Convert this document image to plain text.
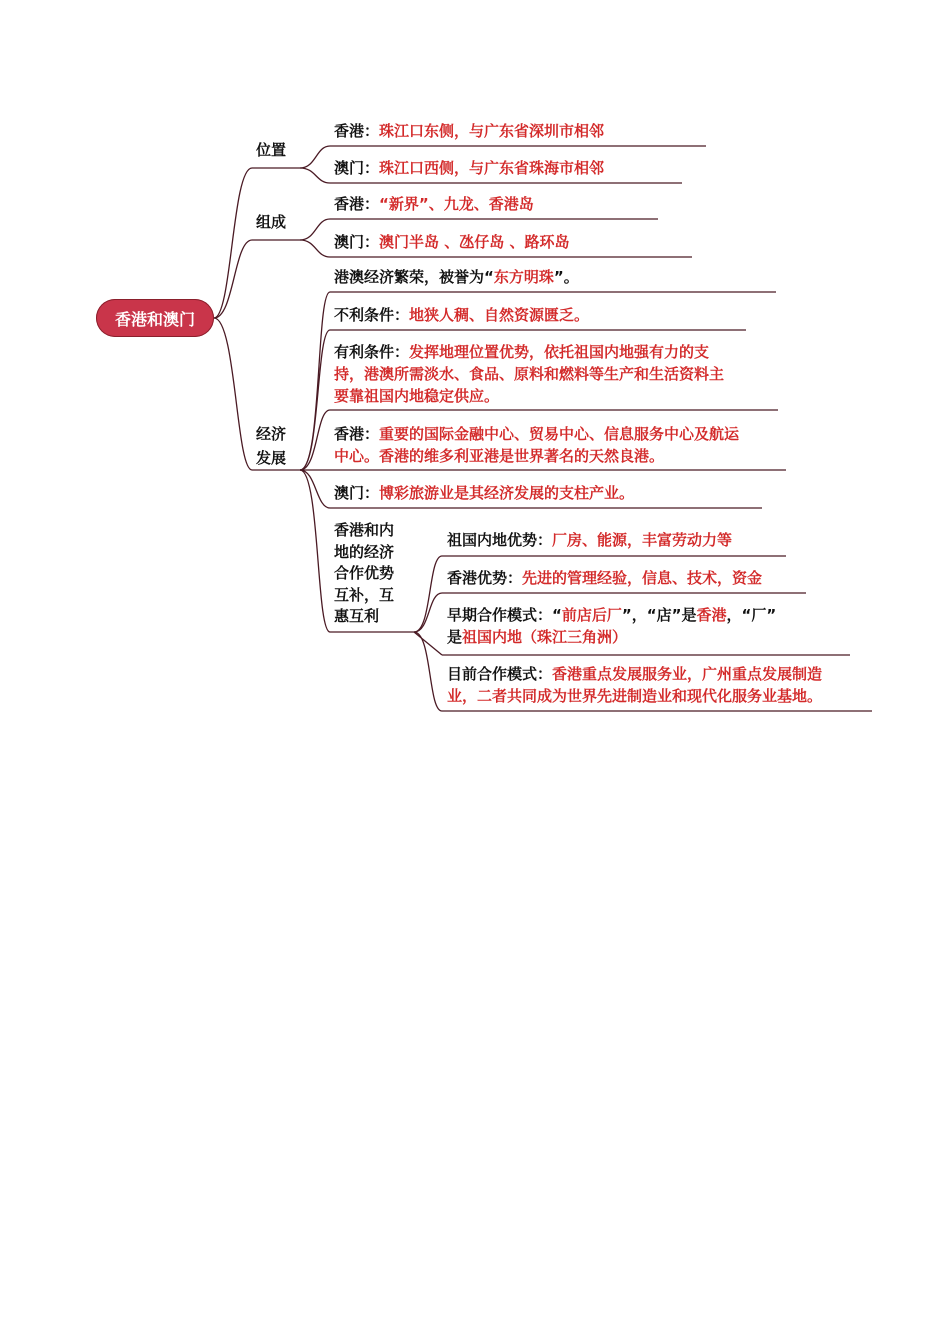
香港和澳门
位置
组成
经济
发展
香港：珠江口东侧，与广东省深圳市相邻
澳门：珠江口西侧，与广东省珠海市相邻
香港：“新界”、九龙、香港岛
澳门：澳门半岛 、氹仔岛 、路环岛
港澳经济繁荣，被誉为“东方明珠”。
不利条件：地狭人稠、自然资源匮乏。
有利条件：发挥地理位置优势，依托祖国内地强有力的支
持，港澳所需淡水、食品、原料和燃料等生产和生活资料主
要靠祖国内地稳定供应。
香港：重要的国际金融中心、贸易中心、信息服务中心及航运
中心。香港的维多利亚港是世界著名的天然良港。
澳门：博彩旅游业是其经济发展的支柱产业。
香港和内
地的经济
合作优势
互补，互
惠互利
祖国内地优势：厂房、能源，丰富劳动力等
香港优势：先进的管理经验，信息、技术，资金
早期合作模式：“前店后厂”，“店”是香港，“厂”
是祖国内地（珠江三角洲）
目前合作模式：香港重点发展服务业，广州重点发展制造
业，二者共同成为世界先进制造业和现代化服务业基地。
